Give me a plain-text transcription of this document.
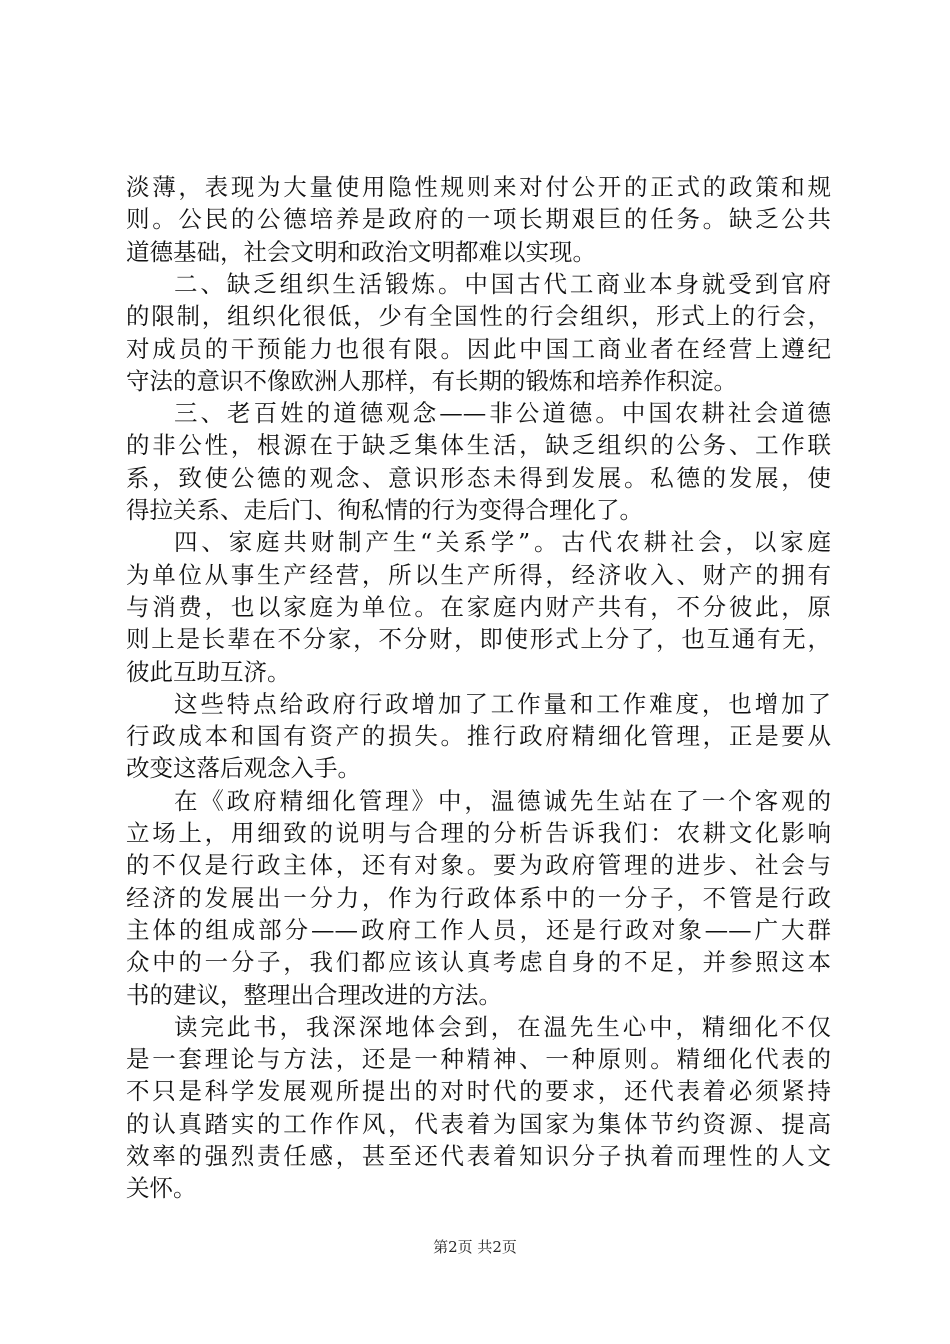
淡薄，表现为大量使用隐性规则来对付公开的正式的政策和规
则。公民的公德培养是政府的一项长期艰巨的任务。缺乏公共
道德基础，社会文明和政治文明都难以实现。
二、缺乏组织生活锻炼。中国古代工商业本身就受到官府
的限制，组织化很低，少有全国性的行会组织，形式上的行会，
对成员的干预能力也很有限。因此中国工商业者在经营上遵纪
守法的意识不像欧洲人那样，有长期的锻炼和培养作积淀。
三、老百姓的道德观念——非公道德。中国农耕社会道德
的非公性，根源在于缺乏集体生活，缺乏组织的公务、工作联
系，致使公德的观念、意识形态未得到发展。私德的发展，使
得拉关系、走后门、徇私情的行为变得合理化了。
四、家庭共财制产生“关系学”。古代农耕社会，以家庭
为单位从事生产经营，所以生产所得，经济收入、财产的拥有
与消费，也以家庭为单位。在家庭内财产共有，不分彼此，原
则上是长辈在不分家，不分财，即使形式上分了，也互通有无，
彼此互助互济。
这些特点给政府行政增加了工作量和工作难度，也增加了
行政成本和国有资产的损失。推行政府精细化管理，正是要从
改变这落后观念入手。
在《政府精细化管理》中，温德诚先生站在了一个客观的
立场上，用细致的说明与合理的分析告诉我们：农耕文化影响
的不仅是行政主体，还有对象。要为政府管理的进步、社会与
经济的发展出一分力，作为行政体系中的一分子，不管是行政
主体的组成部分——政府工作人员，还是行政对象——广大群
众中的一分子，我们都应该认真考虑自身的不足，并参照这本
书的建议，整理出合理改进的方法。
读完此书，我深深地体会到，在温先生心中，精细化不仅
是一套理论与方法，还是一种精神、一种原则。精细化代表的
不只是科学发展观所提出的对时代的要求，还代表着必须紧持
的认真踏实的工作作风，代表着为国家为集体节约资源、提高
效率的强烈责任感，甚至还代表着知识分子执着而理性的人文
关怀。
第2页 共2页
